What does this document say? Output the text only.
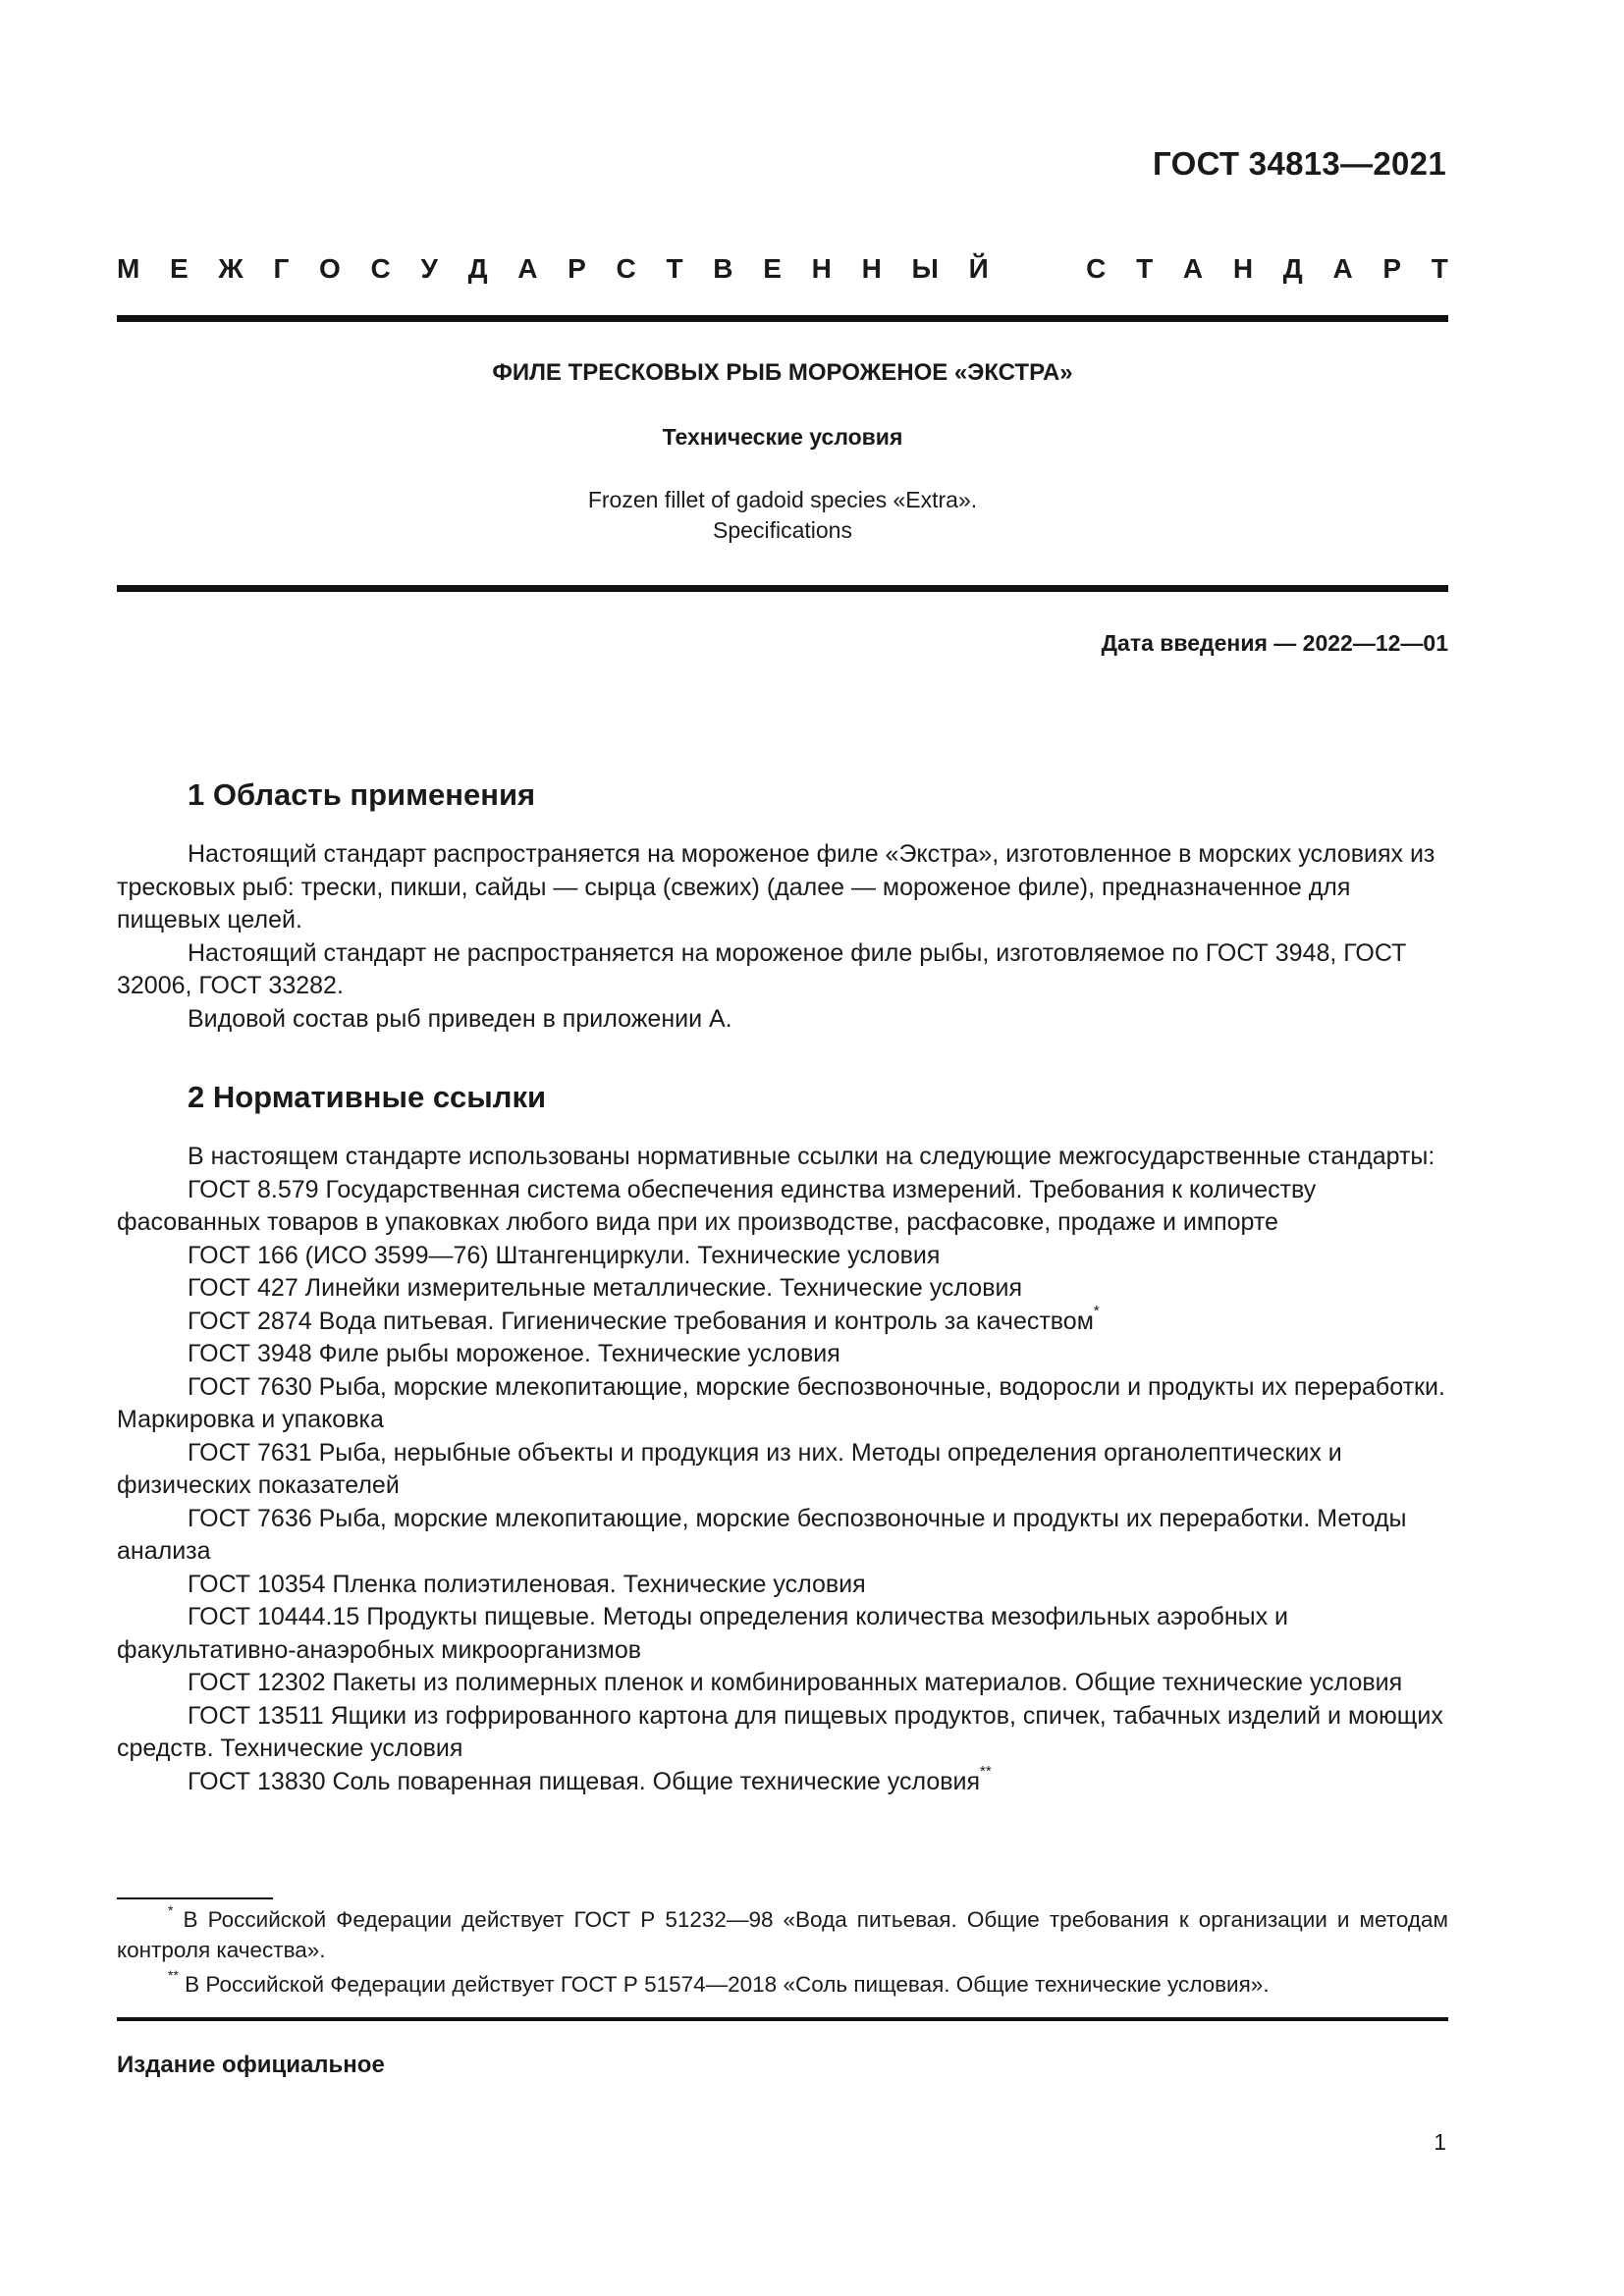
ГОСТ 34813—2021
М Е Ж Г О С У Д А Р С Т В Е Н Н Ы Й	С Т А Н Д А Р Т
ФИЛЕ ТРЕСКОВЫХ РЫБ МОРОЖЕНОЕ «ЭКСТРА»
Технические условия
Frozen fillet of gadoid species «Extra».
Specifications
Дата введения — 2022—12—01
1 Область применения

Настоящий стандарт распространяется на мороженое филе «Экстра», изготовленное в морских условиях из тресковых рыб: трески, пикши, сайды — сырца (свежих) (далее — мороженое филе), предназначенное для пищевых целей.

Настоящий стандарт не распространяется на мороженое филе рыбы, изготовляемое по ГОСТ 3948, ГОСТ 32006, ГОСТ 33282.

Видовой состав рыб приведен в приложении А.

2 Нормативные ссылки

В настоящем стандарте использованы нормативные ссылки на следующие межгосударственные стандарты:

ГОСТ 8.579 Государственная система обеспечения единства измерений. Требования к количеству фасованных товаров в упаковках любого вида при их производстве, расфасовке, продаже и импорте

ГОСТ 166 (ИСО 3599—76) Штангенциркули. Технические условия

ГОСТ 427 Линейки измерительные металлические. Технические условия

ГОСТ 2874 Вода питьевая. Гигиенические требования и контроль за качеством*

ГОСТ 3948 Филе рыбы мороженое. Технические условия

ГОСТ 7630 Рыба, морские млекопитающие, морские беспозвоночные, водоросли и продукты их переработки. Маркировка и упаковка

ГОСТ 7631 Рыба, нерыбные объекты и продукция из них. Методы определения органолептических и физических показателей

ГОСТ 7636 Рыба, морские млекопитающие, морские беспозвоночные и продукты их переработки. Методы анализа

ГОСТ 10354 Пленка полиэтиленовая. Технические условия

ГОСТ 10444.15 Продукты пищевые. Методы определения количества мезофильных аэробных и факультативно-анаэробных микроорганизмов

ГОСТ 12302 Пакеты из полимерных пленок и комбинированных материалов. Общие технические условия

ГОСТ 13511 Ящики из гофрированного картона для пищевых продуктов, спичек, табачных изделий и моющих средств. Технические условия

ГОСТ 13830 Соль поваренная пищевая. Общие технические условия**

* В Российской Федерации действует ГОСТ Р 51232—98 «Вода питьевая. Общие требования к организации и методам контроля качества».

** В Российской Федерации действует ГОСТ Р 51574—2018 «Соль пищевая. Общие технические условия».

Издание официальное
1
